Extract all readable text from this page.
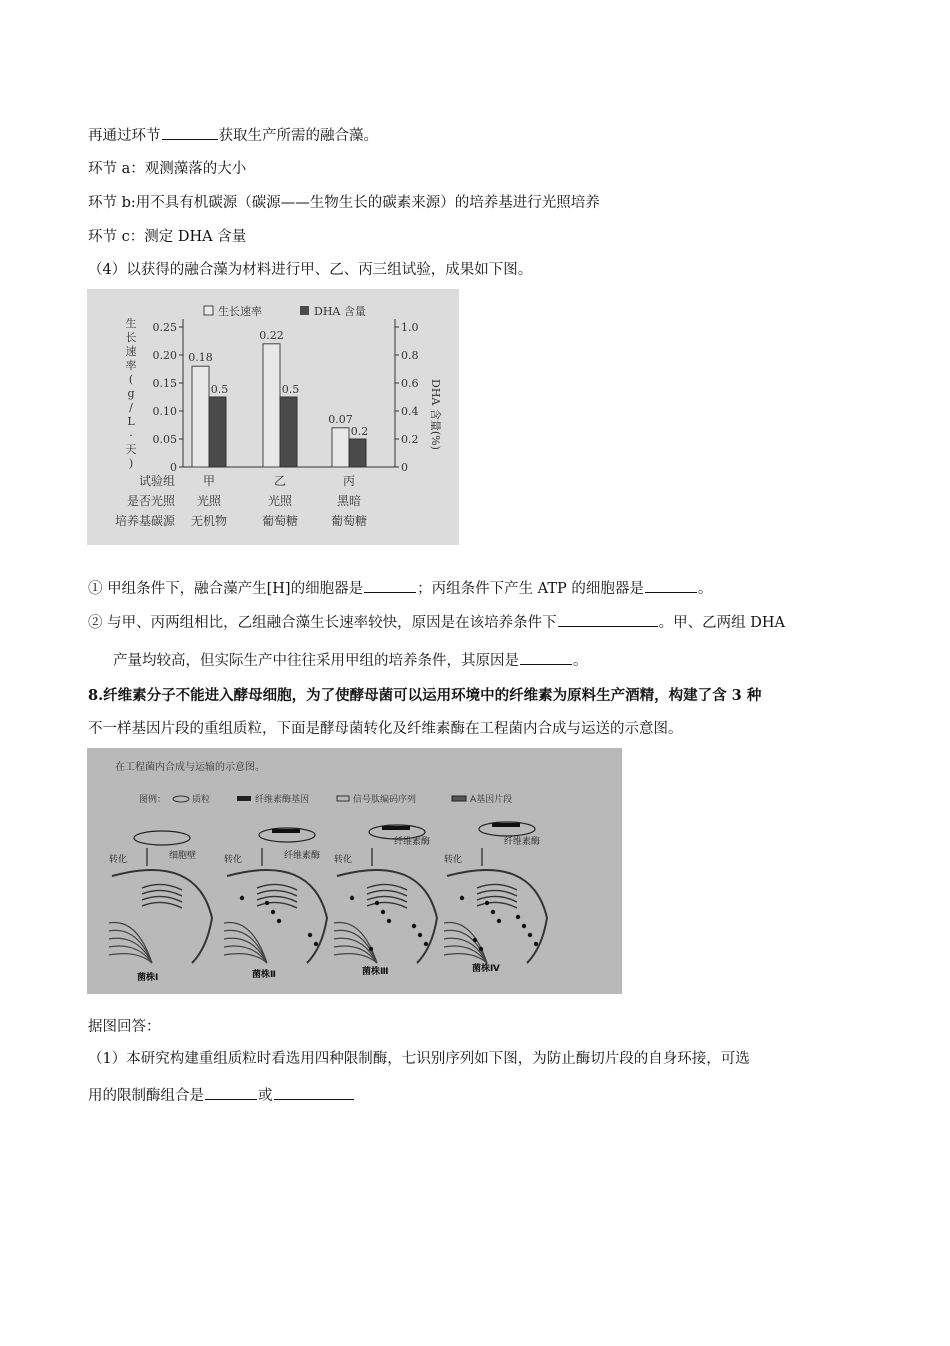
再通过环节	获取生产所需的融合藻。
环节 a：观测藻落的大小
环节 b:用不具有机碳源（碳源——生物生长的碳素来源）的培养基进行光照培养
环节 c：测定 DHA 含量
（4）以获得的融合藻为材料进行甲、乙、丙三组试验，成果如下图。
生长速率	DHA 含量
0
0.05
0.10
0.15
0.20
0.25
0
0.2
0.4
0.6
0.8
1.0
生
长
速
率
(
g
/
L
·
天
)
DHA 含量(%)
0.18
0.5
0.22
0.5
0.07
0.2
试验组 甲	乙	丙
是否光照 光照	光照	黑暗
培养基碳源 无机物	葡萄糖	葡萄糖
① 甲组条件下，融合藻产生[H]的细胞器是	；丙组条件下产生 ATP 的细胞器是	。
② 与甲、丙两组相比，乙组融合藻生长速率较快，原因是在该培养条件下	。甲、乙两组 DHA
产量均较高，但实际生产中往往采用甲组的培养条件，其原因是	。
8.纤维素分子不能进入酵母细胞，为了使酵母菌可以运用环境中的纤维素为原料生产酒精，构建了含 3 种
不一样基因片段的重组质粒，下面是酵母菌转化及纤维素酶在工程菌内合成与运送的示意图。
在工程菌内合成与运输的示意图。
图例：	质粒	纤维素酶基因	信号肽编码序列	A基因片段
转化	细胞壁
菌株Ⅰ
转化	纤维素酶
菌株Ⅱ
转化
纤维素酶
菌株Ⅲ
转化
纤维素酶
菌株Ⅳ
据图回答：
（1）本研究构建重组质粒时看选用四种限制酶，七识别序列如下图，为防止酶切片段的自身环接，可选
用的限制酶组合是	或
